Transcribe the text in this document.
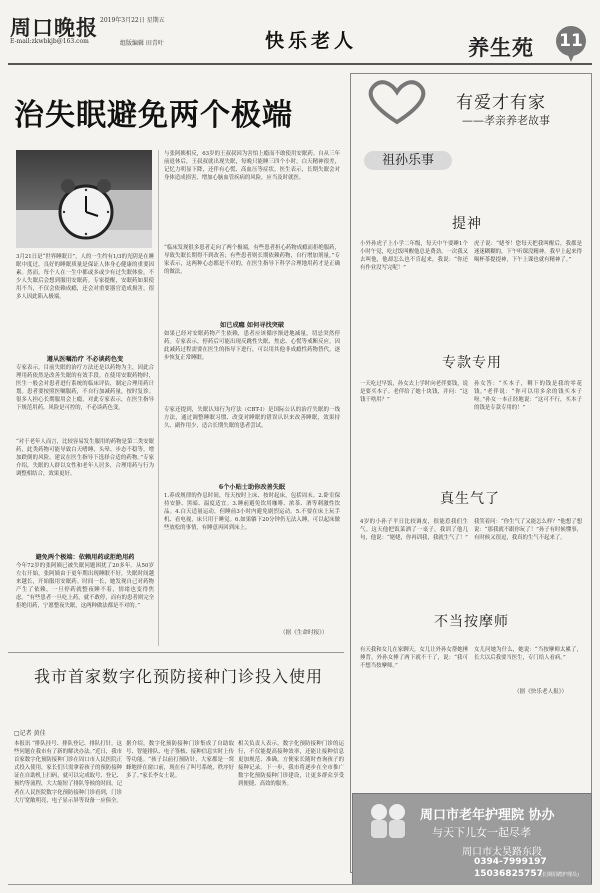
周口晚报 2019年3月22日 星期五
E-mail:zkwbkjb@163.com	组版编辑 田青叶	快乐老人	养生苑 11
治失眠避免两个极端
3月21日是“世界睡眠日”，人的一生约有1/3的光阴是在睡眠中度过，良好的睡眠质量是保证人体身心健康的重要因素。然而，每个人在一生中都或多或少有过失眠体验，不少人失眠后会想到服用安眠药。专家提醒，安眠药如果使用不当，不仅会依赖成瘾，还会对重要器官造成损害，很多人因此陷入极端。
遵从医嘱治疗 不必谈药色变
专家表示，目前失眠的治疗方法还是以药物为主，因此合理用药依然是改善失眠的有效手段。在使用安眠药物时，医生一般会对患者进行系统的临床评估，制定合理用药计划。患者要按照医嘱服药，不自行加减药量，按时复诊。很多人担心长期服用会上瘾，对此专家表示，在医生指导下规范用药，风险是可控的，不必谈药色变。
“对于老年人而言，比较容易发生服用的药物是第二类安眠药，此类药物可能导致白天嗜睡、头晕、步态不稳等，增加跌倒的风险，建议在医生指导下选择合适的药物。”专家介绍，失眠的人群以女性和老年人居多，合理用药与行为调整相结合，效果更好。
避免两个极端：依赖用药或拒绝用药
今年72岁的张阿姨已被失眠问题困扰了20多年。从50岁左右开始，张阿姨由于更年期出现睡眠不好，失眠时间越来越长，开始服用安眠药。时间一长，她发现自己对药物产生了依赖，一旦停药就整夜睡不着，情绪也变得焦虑。“有些患者一旦吃上药，就不敢停，而有的患者则完全拒绝用药，宁愿整夜失眠，这两种做法都是不对的。”
与张阿姨相反，63岁的王叔叔因为害怕上瘾而不敢使用安眠药。自从三年前退休后，王叔叔就出现失眠，每晚只能睡三四个小时，白天精神很差，记忆力明显下降，还伴有心慌、高血压等症状。医生表示，长期失眠会对身体造成损害，增加心脑血管疾病的风险，应当及时就医。
“临床发现很多患者走向了两个极端，有些患者担心药物成瘾而拒绝服药，导致失眠长期得不到改善；有些患者则长期依赖药物，自行增加剂量。”专家表示，这两种心态都是不对的，在医生指导下科学合理地用药才是正确的做法。
如已成瘾 如何寻找突破
如果已经对安眠药物产生依赖，患者应该循序渐进地减量，切忌突然停药。专家表示，停药后可能出现反跳性失眠、焦虑、心慌等戒断反应，因此减药过程需要在医生的指导下进行，可以用其他非成瘾性药物替代，逐步恢复正常睡眠。
专家还提到，失眠认知行为疗法（CBT-I）是国际公认的治疗失眠的一线方法，通过调整睡眠习惯、改变对睡眠的错误认识来改善睡眠，效果持久、副作用少，适合长期失眠的患者尝试。
6个小贴士助你改善失眠
1.养成规律的作息时间，每天按时上床、按时起床，包括周末。2.卧室保持安静、黑暗、温度适宜。3.睡前避免饮用咖啡、浓茶、酒等刺激性饮品。4.白天适量运动，但睡前3小时内避免剧烈运动。5.不要在床上玩手机、看电视，床只用于睡觉。6.如果躺下20分钟仍无法入睡，可以起床做些放松的事情，有睡意再回到床上。
（据《生命时报》）
有爱才有家
——孝亲养老故事
祖孙乐事
提神
小外孙虎子上小学二年级，每天中午要睡1个小时午觉，吃过饭叫醒他总是费劲。一次我又去叫他，他却怎么也不肯起来，我说：“你还有作业没写完呢！”
虎子说：“姥爷！您每天把我叫醒后，我都是迷迷糊糊的，下午听课没精神。我早上起来得喝杯茶提提神，下午上课也就有精神了。”
专款专用
一天吃过早饭，孙女去上学时向老伴要钱，说是要买本子。老伴给了她十块钱，并问：“这钱干啥用？”
孙女答：“买本子，剩下的钱是我的零花钱。”老伴说：“你可以用多余的钱买本子呀。”孙女一本正经地说：“这可不行，买本子的钱是专款专用的！”
真生气了
4岁的小孙子平日比较调皮，很能惹我们生气。这天他把饭菜洒了一桌子，我训了他几句，他说：“姥姥，你再训我，我就生气了！”
我笑着问：“你生气了又能怎么样？”他想了想说：“那我就不跟你玩了！”孙子有时候懂事，有时候又很逗，我真的生气不起来了。
不当按摩师
有天我和女儿在家聊天，女儿让外孙女帮她捶捶背。外孙女捶了两下就不干了，说：“我可不想当按摩师。”
女儿问她为什么，她说：“当按摩师太累了，长大以后我要当医生，专门给人看病。”
（据《快乐老人报》）
我市首家数字化预防接种门诊投入使用
□记者 黄佳
本报讯 “排队挂号、排队登记、排队打针，这些问题在我市有了新的解决办法。”近日，我市首家数字化预防接种门诊在周口市人民医院正式投入使用，家长们只需拿着孩子的预防接种证在自助机上扫码，就可以完成取号、登记、预约等流程，大大缩短了排队等候的时间。记者在人民医院数字化预防接种门诊看到，门诊大厅宽敞明亮，电子显示屏等设备一应俱全。
据介绍，数字化预防接种门诊集成了自助取号、智能排队、电子签核、接种信息实时上传等功能。“孩子以前打预防针，大家都是一窝蜂地挤在窗口前，现在有了叫号系统，秩序好多了。”家长李女士说。
相关负责人表示，数字化预防接种门诊的运行，不仅能提高接种效率，还能让接种信息更加规范、准确，方便家长随时查询孩子的接种记录。下一步，我市将逐步在全市推广数字化预防接种门诊建设，让更多群众享受到便捷、高效的服务。
周口市老年护理院 协办
与天下儿女一起尽孝
周口市太昊路东段
0394-7999197
15036825757
(长期招聘护理员)
